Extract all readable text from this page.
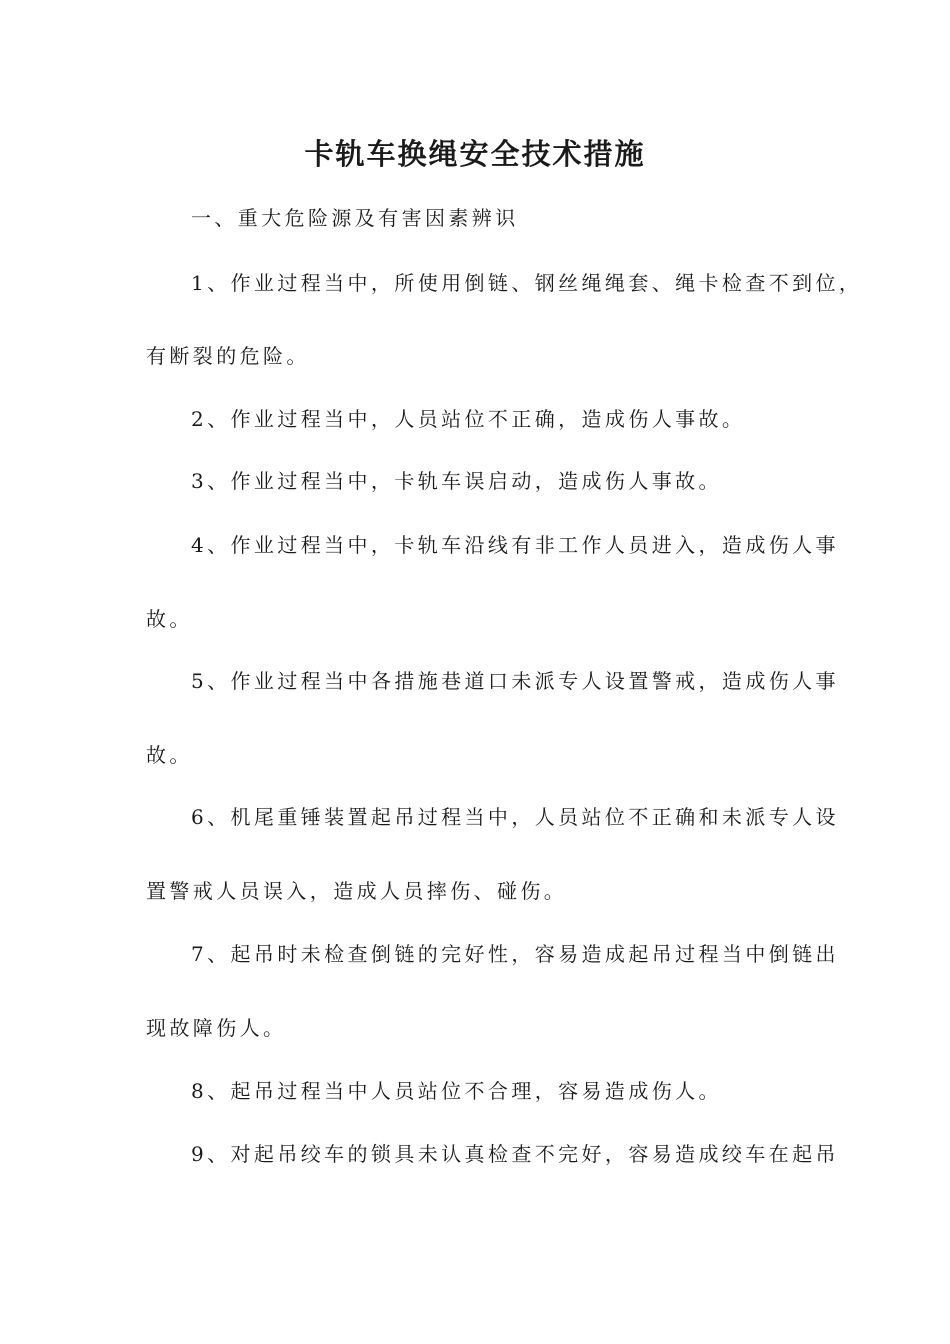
卡轨车换绳安全技术措施

一、重大危险源及有害因素辨识

1、作业过程当中，所使用倒链、钢丝绳绳套、绳卡检查不到位，

有断裂的危险。

2、作业过程当中，人员站位不正确，造成伤人事故。

3、作业过程当中，卡轨车误启动，造成伤人事故。

4、作业过程当中，卡轨车沿线有非工作人员进入，造成伤人事

故。

5、作业过程当中各措施巷道口未派专人设置警戒，造成伤人事

故。

6、机尾重锤装置起吊过程当中，人员站位不正确和未派专人设

置警戒人员误入，造成人员摔伤、碰伤。

7、起吊时未检查倒链的完好性，容易造成起吊过程当中倒链出

现故障伤人。

8、起吊过程当中人员站位不合理，容易造成伤人。

9、对起吊绞车的锁具未认真检查不完好，容易造成绞车在起吊
